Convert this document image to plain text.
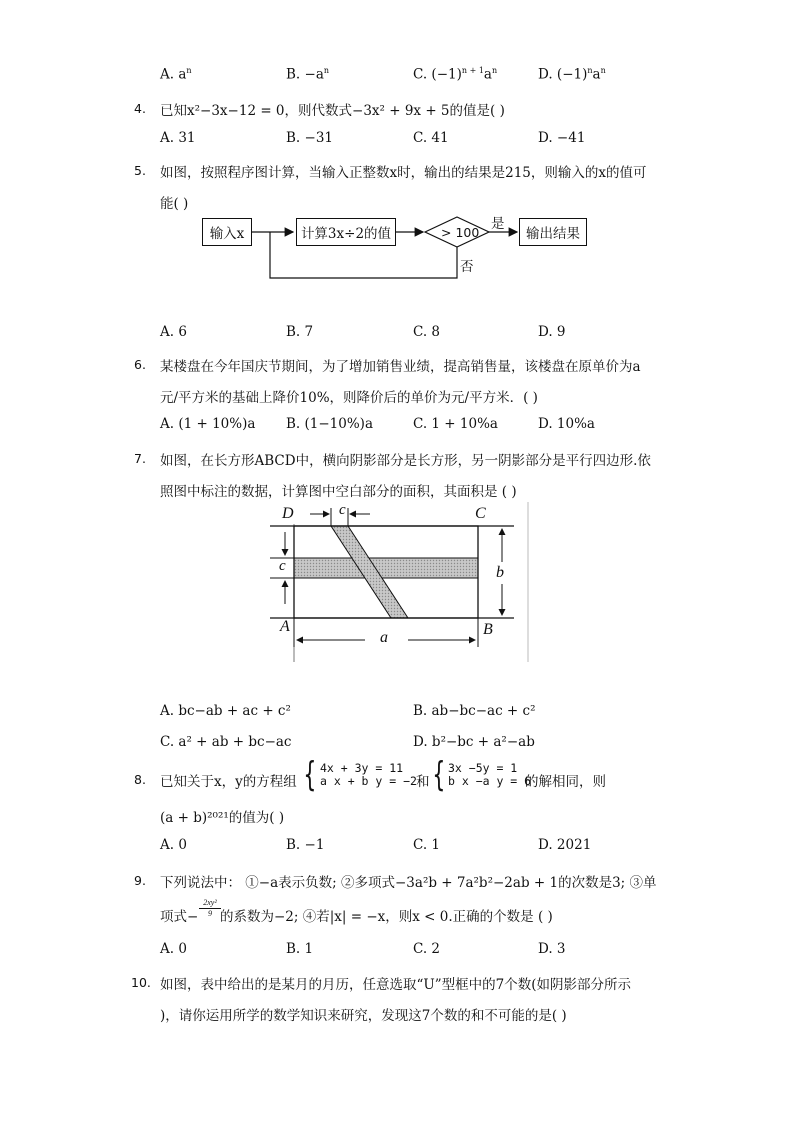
A. $a^n$	B. $-a^n$	C. $(-1)^{n + 1}a^n$	D. $(-1)^na^n$
4. 已知x²−3x−12 = 0，则代数式−3x² + 9x + 5的值是( )
A. 31	B. −31	C. 41	D. −41
5. 如图，按照程序图计算，当输入正整数x时，输出的结果是215，则输入的x的值可
能( )
输入x	计算3x÷2的值	> 100
是
否
输出结果
A. 6	B. 7	C. 8	D. 9
6. 某楼盘在今年国庆节期间，为了增加销售业绩，提高销售量，该楼盘在原单价为a
元/平方米的基础上降价10%，则降价后的单价为元/平方米．( )
A. (1 + 10%)a B. (1−10%)a	C. 1 + 10%a	D. 10%a
7. 如图，在长方形ABCD中，横向阴影部分是长方形，另一阴影部分是平行四边形.依
照图中标注的数据，计算图中空白部分的面积，其面积是 ( )
D	c	C
c	b
A	B
a
A. bc−ab + ac + c²	B. ab−bc−ac + c²
C. a² + ab + bc−ac	D. b²−bc + a²−ab
8. 已知关于x，y的方程组 { 4x + 3y = 11
a x + b y = −2 和 { 3x −5y = 1
b x −a y = 6
的解相同，则
(a + b)²⁰²¹的值为( )
A. 0	B. −1	C. 1	D. 2021
9. 下列说法中： ①−a表示负数; ②多项式−3a²b + 7a²b²−2ab + 1的次数是3; ③单
项式−
2xy²
9 的系数为−2; ④若|x| = −x，则x < 0.正确的个数是 ( )
A. 0	B. 1	C. 2	D. 3
10. 如图，表中给出的是某月的月历，任意选取“U”型框中的7个数(如阴影部分所示
)，请你运用所学的数学知识来研究，发现这7个数的和不可能的是( )
